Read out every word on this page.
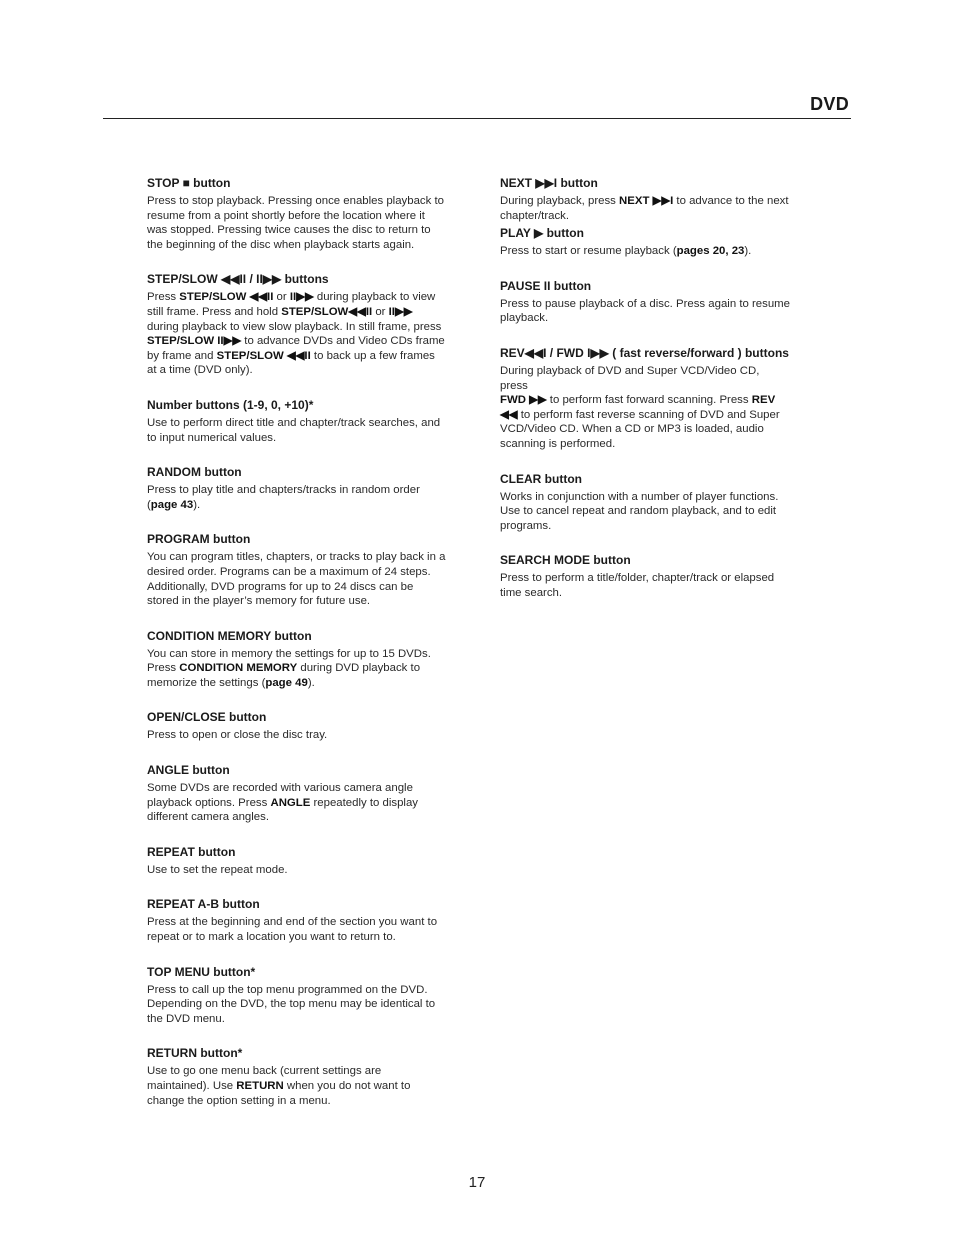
DVD
STOP ■ button

Press to stop playback. Pressing once enables playback to resume from a point shortly before the location where it was stopped. Pressing twice causes the disc to return to the beginning of the disc when playback starts again.

STEP/SLOW ◀◀II / II▶▶ buttons

Press STEP/SLOW ◀◀II or II▶▶ during playback to view still frame. Press and hold STEP/SLOW◀◀II or II▶▶ during playback to view slow playback. In still frame, press STEP/SLOW II▶▶ to advance DVDs and Video CDs frame by frame and STEP/SLOW ◀◀II to back up a few frames at a time (DVD only).

Number buttons (1-9, 0, +10)*

Use to perform direct title and chapter/track searches, and to input numerical values.

RANDOM button

Press to play title and chapters/tracks in random order (page 43).

PROGRAM button

You can program titles, chapters, or tracks to play back in a desired order. Programs can be a maximum of 24 steps. Additionally, DVD programs for up to 24 discs can be stored in the player’s memory for future use.

CONDITION MEMORY button

You can store in memory the settings for up to 15 DVDs. Press CONDITION MEMORY during DVD playback to memorize the settings (page 49).

OPEN/CLOSE button

Press to open or close the disc tray.

ANGLE button

Some DVDs are recorded with various camera angle playback options. Press ANGLE repeatedly to display different camera angles.

REPEAT button

Use to set the repeat mode.

REPEAT A-B button

Press at the beginning and end of the section you want to repeat or to mark a location you want to return to.

TOP MENU button*

Press to call up the top menu programmed on the DVD. Depending on the DVD, the top menu may be identical to the DVD menu.

RETURN button*

Use to go one menu back (current settings are maintained). Use RETURN when you do not want to change the option setting in a menu.

NEXT ▶▶I button

During playback, press NEXT ▶▶I to advance to the next chapter/track.

PLAY ▶ button

Press to start or resume playback (pages 20, 23).

PAUSE II button

Press to pause playback of a disc. Press again to resume playback.

REV◀◀I / FWD I▶▶ ( fast reverse/forward ) buttons

During playback of DVD and Super VCD/Video CD, press
FWD ▶▶ to perform fast forward scanning. Press REV ◀◀ to perform fast reverse scanning of DVD and Super VCD/Video CD. When a CD or MP3 is loaded, audio scanning is performed.

CLEAR button

Works in conjunction with a number of player functions. Use to cancel repeat and random playback, and to edit programs.

SEARCH MODE button

Press to perform a title/folder, chapter/track or elapsed time search.

17
